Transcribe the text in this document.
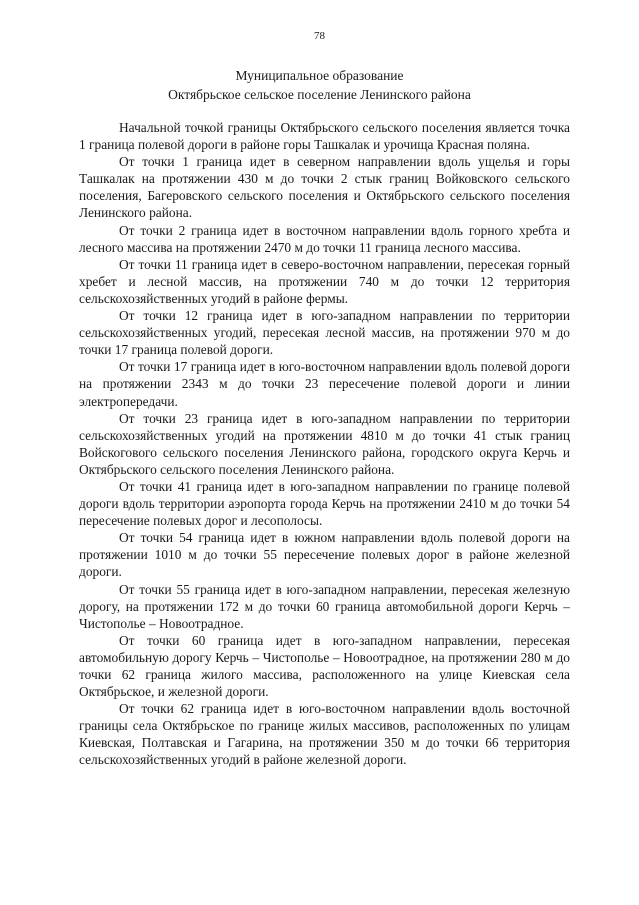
78
Муниципальное образование
Октябрьское сельское поселение Ленинского района

Начальной точкой границы Октябрьского сельского поселения является точка 1 граница полевой дороги в районе горы Ташкалак и урочища Красная поляна.

От точки 1 граница идет в северном направлении вдоль ущелья и горы Ташкалак на протяжении 430 м до точки 2 стык границ Войковского сельского поселения, Багеровского сельского поселения и Октябрьского сельского поселения Ленинского района.

От точки 2 граница идет в восточном направлении вдоль горного хребта и лесного массива на протяжении 2470 м до точки 11 граница лесного массива.

От точки 11 граница идет в северо-восточном направлении, пересекая горный хребет и лесной массив, на протяжении 740 м до точки 12 территория сельскохозяйственных угодий в районе фермы.

От точки 12 граница идет в юго-западном направлении по территории сельскохозяйственных угодий, пересекая лесной массив, на протяжении 970 м до точки 17 граница полевой дороги.

От точки 17 граница идет в юго-восточном направлении вдоль полевой дороги на протяжении 2343 м до точки 23 пересечение полевой дороги и линии электропередачи.

От точки 23 граница идет в юго-западном направлении по территории сельскохозяйственных угодий на протяжении 4810 м до точки 41 стык границ Войскогового сельского поселения Ленинского района, городского округа Керчь и Октябрьского сельского поселения Ленинского района.

От точки 41 граница идет в юго-западном направлении по границе полевой дороги вдоль территории аэропорта города Керчь на протяжении 2410 м до точки 54 пересечение полевых дорог и лесополосы.

От точки 54 граница идет в южном направлении вдоль полевой дороги на протяжении 1010 м до точки 55 пересечение полевых дорог в районе железной дороги.

От точки 55 граница идет в юго-западном направлении, пересекая железную дорогу, на протяжении 172 м до точки 60 граница автомобильной дороги Керчь – Чистополье – Новоотрадное.

От точки 60 граница идет в юго-западном направлении, пересекая автомобильную дорогу Керчь – Чистополье – Новоотрадное, на протяжении 280 м до точки 62 граница жилого массива, расположенного на улице Киевская села Октябрьское, и железной дороги.

От точки 62 граница идет в юго-восточном направлении вдоль восточной границы села Октябрьское по границе жилых массивов, расположенных по улицам Киевская, Полтавская и Гагарина, на протяжении 350 м до точки 66 территория сельскохозяйственных угодий в районе железной дороги.
